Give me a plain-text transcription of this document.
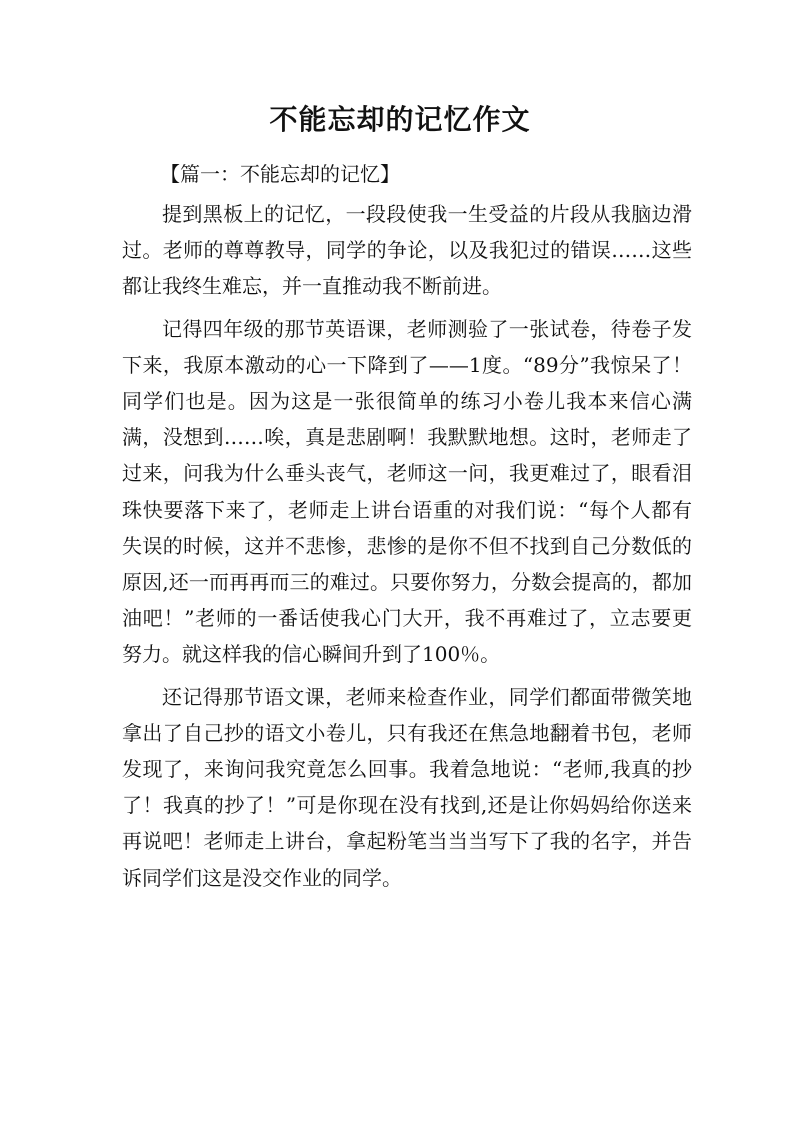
不能忘却的记忆作文

【篇一：不能忘却的记忆】

提到黑板上的记忆，一段段使我一生受益的片段从我脑边滑过。老师的尊尊教导，同学的争论，以及我犯过的错误……这些都让我终生难忘，并一直推动我不断前进。

记得四年级的那节英语课，老师测验了一张试卷，待卷子发下来，我原本激动的心一下降到了——1度。“89分”我惊呆了！同学们也是。因为这是一张很简单的练习小卷儿我本来信心满满，没想到……唉，真是悲剧啊！我默默地想。这时，老师走了过来，问我为什么垂头丧气，老师这一问，我更难过了，眼看泪珠快要落下来了，老师走上讲台语重的对我们说：“每个人都有失误的时候，这并不悲惨，悲惨的是你不但不找到自己分数低的原因,还一而再再而三的难过。只要你努力，分数会提高的，都加油吧！”老师的一番话使我心门大开，我不再难过了，立志要更努力。就这样我的信心瞬间升到了100％。

还记得那节语文课，老师来检查作业，同学们都面带微笑地拿出了自己抄的语文小卷儿，只有我还在焦急地翻着书包，老师发现了，来询问我究竟怎么回事。我着急地说：“老师,我真的抄了！我真的抄了！”可是你现在没有找到,还是让你妈妈给你送来再说吧！老师走上讲台，拿起粉笔当当当写下了我的名字，并告诉同学们这是没交作业的同学。
